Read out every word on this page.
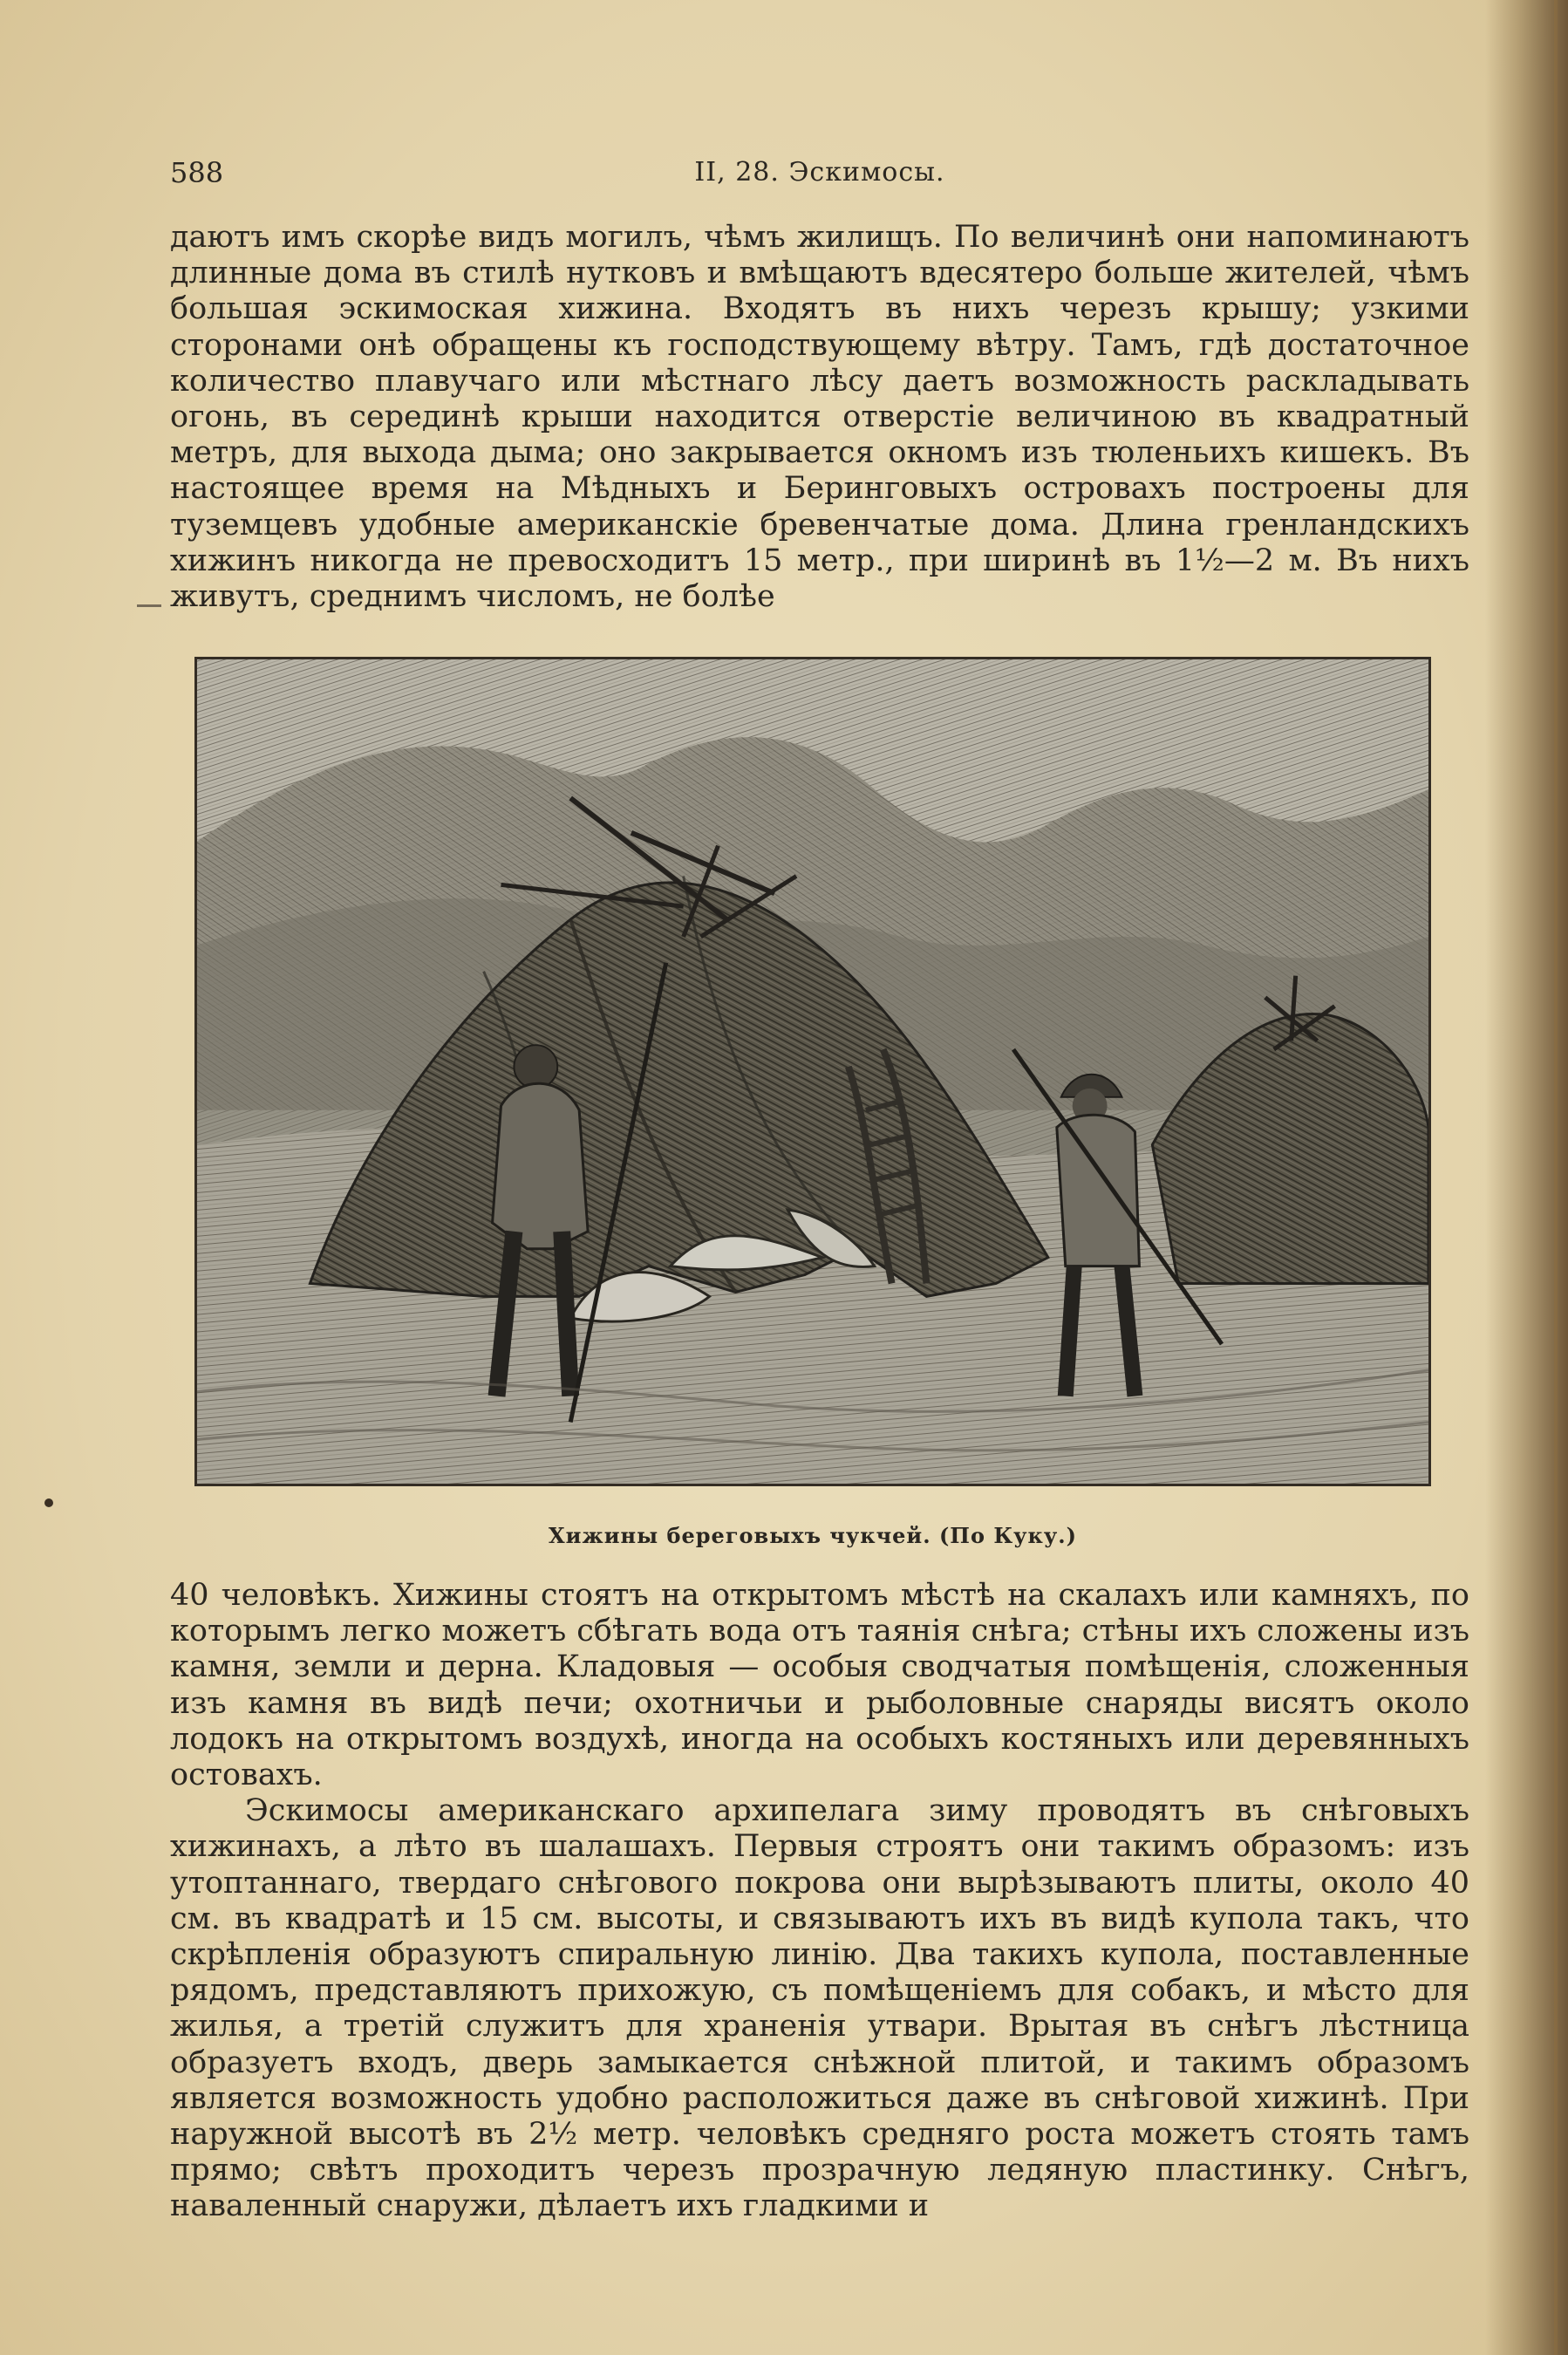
588	II, 28. Эскимосы.

даютъ имъ скорѣе видъ могилъ, чѣмъ жилищъ. По величинѣ они напоминаютъ длинные дома въ стилѣ нутковъ и вмѣщаютъ вдесятеро больше жителей, чѣмъ большая эскимоская хижина. Входятъ въ нихъ черезъ крышу; узкими сторонами онѣ обращены къ господствующему вѣтру. Тамъ, гдѣ достаточное количество плавучаго или мѣстнаго лѣсу даетъ возможность раскладывать огонь, въ серединѣ крыши находится отверстіе величиною въ квадратный метръ, для выхода дыма; оно закрывается окномъ изъ тюленьихъ кишекъ. Въ настоящее время на Мѣдныхъ и Беринговыхъ островахъ построены для туземцевъ удобные американскіе бревенчатые дома. Длина гренландскихъ хижинъ никогда не превосходитъ 15 метр., при ширинѣ въ 1½—2 м. Въ нихъ живутъ, среднимъ числомъ, не болѣе

Хижины береговыхъ чукчей. (По Куку.)

40 человѣкъ. Хижины стоятъ на открытомъ мѣстѣ на скалахъ или камняхъ, по которымъ легко можетъ сбѣгать вода отъ таянія снѣга; стѣны ихъ сложены изъ камня, земли и дерна. Кладовыя — особыя сводчатыя помѣщенія, сложенныя изъ камня въ видѣ печи; охотничьи и рыболовные снаряды висятъ около лодокъ на открытомъ воздухѣ, иногда на особыхъ костяныхъ или деревянныхъ остовахъ.

Эскимосы американскаго архипелага зиму проводятъ въ снѣговыхъ хижинахъ, а лѣто въ шалашахъ. Первыя строятъ они такимъ образомъ: изъ утоптаннаго, твердаго снѣгового покрова они вырѣзываютъ плиты, около 40 см. въ квадратѣ и 15 см. высоты, и связываютъ ихъ въ видѣ купола такъ, что скрѣпленія образуютъ спиральную линію. Два такихъ купола, поставленные рядомъ, представляютъ прихожую, съ помѣщеніемъ для собакъ, и мѣсто для жилья, а третій служитъ для храненія утвари. Врытая въ снѣгъ лѣстница образуетъ входъ, дверь замыкается снѣжной плитой, и такимъ образомъ является возможность удобно расположиться даже въ снѣговой хижинѣ. При наружной высотѣ въ 2½ метр. человѣкъ средняго роста можетъ стоять тамъ прямо; свѣтъ проходитъ черезъ прозрачную ледяную пластинку. Снѣгъ, наваленный снаружи, дѣлаетъ ихъ гладкими и
